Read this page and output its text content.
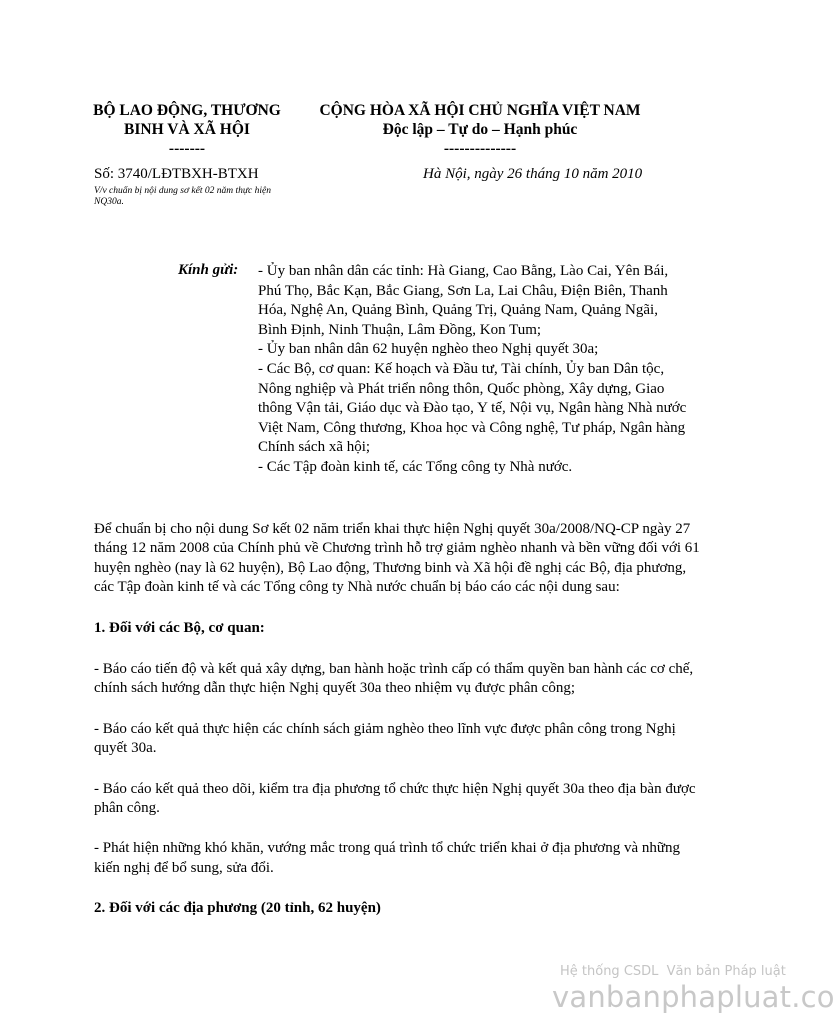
BỘ LAO ĐỘNG, THƯƠNG
BINH VÀ XÃ HỘI
-------
CỘNG HÒA XÃ HỘI CHỦ NGHĨA VIỆT NAM
Độc lập – Tự do – Hạnh phúc
--------------
Số: 3740/LĐTBXH-BTXH
V/v chuẩn bị nội dung sơ kết 02 năm thực hiện NQ30a.
Hà Nội, ngày 26 tháng 10 năm 2010
Kính gửi: - Ủy ban nhân dân các tỉnh: Hà Giang, Cao Bằng, Lào Cai, Yên Bái, Phú Thọ, Bắc Kạn, Bắc Giang, Sơn La, Lai Châu, Điện Biên, Thanh Hóa, Nghệ An, Quảng Bình, Quảng Trị, Quảng Nam, Quảng Ngãi, Bình Định, Ninh Thuận, Lâm Đồng, Kon Tum;
- Ủy ban nhân dân 62 huyện nghèo theo Nghị quyết 30a;
- Các Bộ, cơ quan: Kế hoạch và Đầu tư, Tài chính, Ủy ban Dân tộc, Nông nghiệp và Phát triển nông thôn, Quốc phòng, Xây dựng, Giao thông Vận tải, Giáo dục và Đào tạo, Y tế, Nội vụ, Ngân hàng Nhà nước Việt Nam, Công thương, Khoa học và Công nghệ, Tư pháp, Ngân hàng Chính sách xã hội;
- Các Tập đoàn kinh tế, các Tổng công ty Nhà nước.

Để chuẩn bị cho nội dung Sơ kết 02 năm triển khai thực hiện Nghị quyết 30a/2008/NQ-CP ngày 27 tháng 12 năm 2008 của Chính phủ về Chương trình hỗ trợ giảm nghèo nhanh và bền vững đối với 61 huyện nghèo (nay là 62 huyện), Bộ Lao động, Thương binh và Xã hội đề nghị các Bộ, địa phương, các Tập đoàn kinh tế và các Tổng công ty Nhà nước chuẩn bị báo cáo các nội dung sau:

1. Đối với các Bộ, cơ quan:

- Báo cáo tiến độ và kết quả xây dựng, ban hành hoặc trình cấp có thẩm quyền ban hành các cơ chế, chính sách hướng dẫn thực hiện Nghị quyết 30a theo nhiệm vụ được phân công;

- Báo cáo kết quả thực hiện các chính sách giảm nghèo theo lĩnh vực được phân công trong Nghị quyết 30a.

- Báo cáo kết quả theo dõi, kiểm tra địa phương tổ chức thực hiện Nghị quyết 30a theo địa bàn được phân công.

- Phát hiện những khó khăn, vướng mắc trong quá trình tổ chức triển khai ở địa phương và những kiến nghị để bổ sung, sửa đổi.

2. Đối với các địa phương (20 tỉnh, 62 huyện)

Hệ thống CSDL  Văn bản Pháp luật
vanbanphapluat.co
